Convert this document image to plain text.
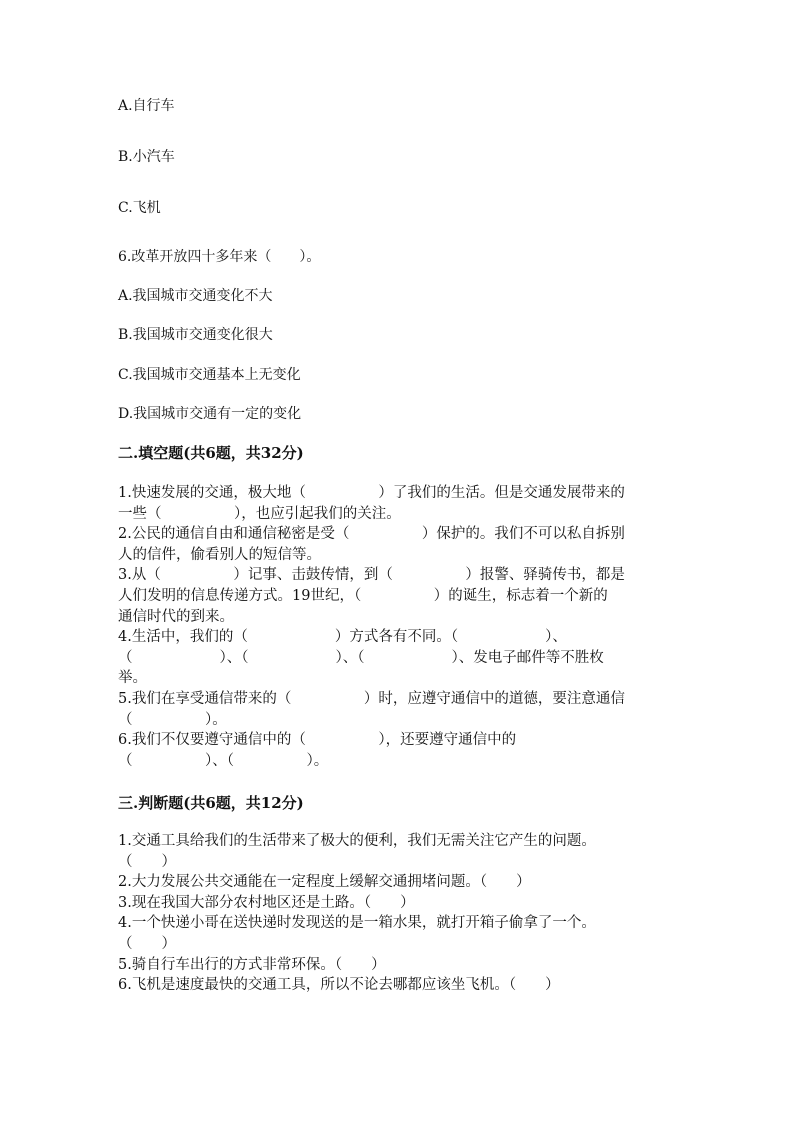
A.自行车
B.小汽车
C.飞机
6.改革开放四十多年来（　　）。
A.我国城市交通变化不大
B.我国城市交通变化很大
C.我国城市交通基本上无变化
D.我国城市交通有一定的变化
二.填空题(共6题，共32分)
1.快速发展的交通，极大地（　　　　　）了我们的生活。但是交通发展带来的
一些（　　　　　），也应引起我们的关注。
2.公民的通信自由和通信秘密是受（　　　　　）保护的。我们不可以私自拆别
人的信件，偷看别人的短信等。
3.从（　　　　　）记事、击鼓传情，到（　　　　　）报警、驿骑传书，都是
人们发明的信息传递方式。19世纪，（　　　　　）的诞生，标志着一个新的
通信时代的到来。
4.生活中，我们的（　　　　　　）方式各有不同。（　　　　　　）、
（　　　　　　）、（　　　　　　）、（　　　　　　）、发电子邮件等不胜枚
举。
5.我们在享受通信带来的（　　　　　）时，应遵守通信中的道德，要注意通信
（　　　　　）。
6.我们不仅要遵守通信中的（　　　　　），还要遵守通信中的
（　　　　　）、（　　　　　）。
三.判断题(共6题，共12分)
1.交通工具给我们的生活带来了极大的便利，我们无需关注它产生的问题。
（　　）
2.大力发展公共交通能在一定程度上缓解交通拥堵问题。（　　）
3.现在我国大部分农村地区还是土路。（　　）
4.一个快递小哥在送快递时发现送的是一箱水果，就打开箱子偷拿了一个。
（　　）
5.骑自行车出行的方式非常环保。（　　）
6.飞机是速度最快的交通工具，所以不论去哪都应该坐飞机。（　　）
